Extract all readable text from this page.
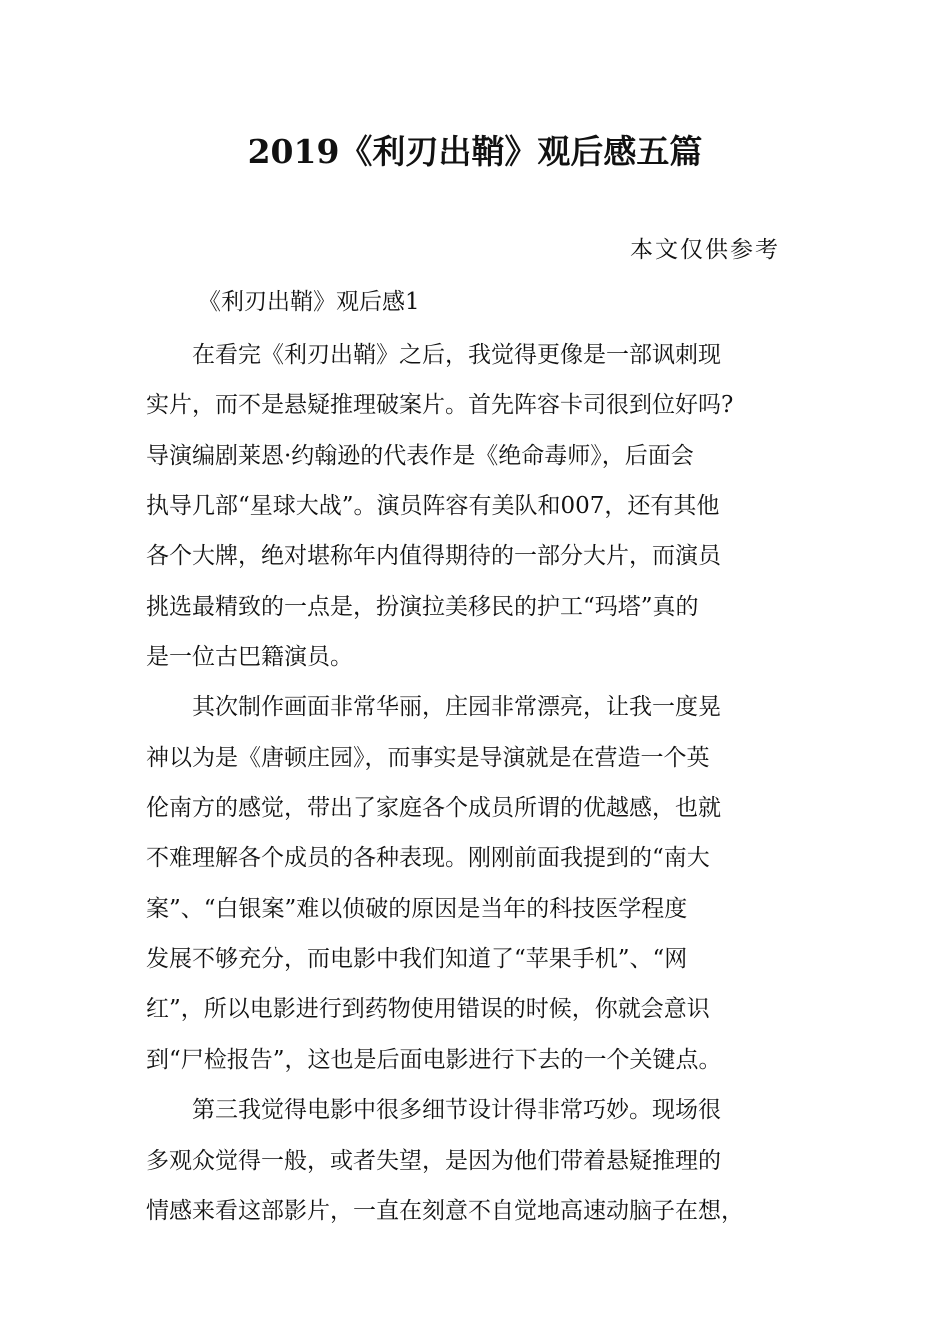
2019《利刃出鞘》观后感五篇
本文仅供参考
《利刃出鞘》观后感1
　　在看完《利刃出鞘》之后，我觉得更像是一部讽刺现
实片，而不是悬疑推理破案片。首先阵容卡司很到位好吗?
导演编剧莱恩·约翰逊的代表作是《绝命毒师》，后面会
执导几部“星球大战”。演员阵容有美队和007，还有其他
各个大牌，绝对堪称年内值得期待的一部分大片，而演员
挑选最精致的一点是，扮演拉美移民的护工“玛塔”真的
是一位古巴籍演员。
　　其次制作画面非常华丽，庄园非常漂亮，让我一度晃
神以为是《唐顿庄园》，而事实是导演就是在营造一个英
伦南方的感觉，带出了家庭各个成员所谓的优越感，也就
不难理解各个成员的各种表现。刚刚前面我提到的“南大
案”、“白银案”难以侦破的原因是当年的科技医学程度
发展不够充分，而电影中我们知道了“苹果手机”、“网
红”，所以电影进行到药物使用错误的时候，你就会意识
到“尸检报告”，这也是后面电影进行下去的一个关键点。
　　第三我觉得电影中很多细节设计得非常巧妙。现场很
多观众觉得一般，或者失望，是因为他们带着悬疑推理的
情感来看这部影片，一直在刻意不自觉地高速动脑子在想，
